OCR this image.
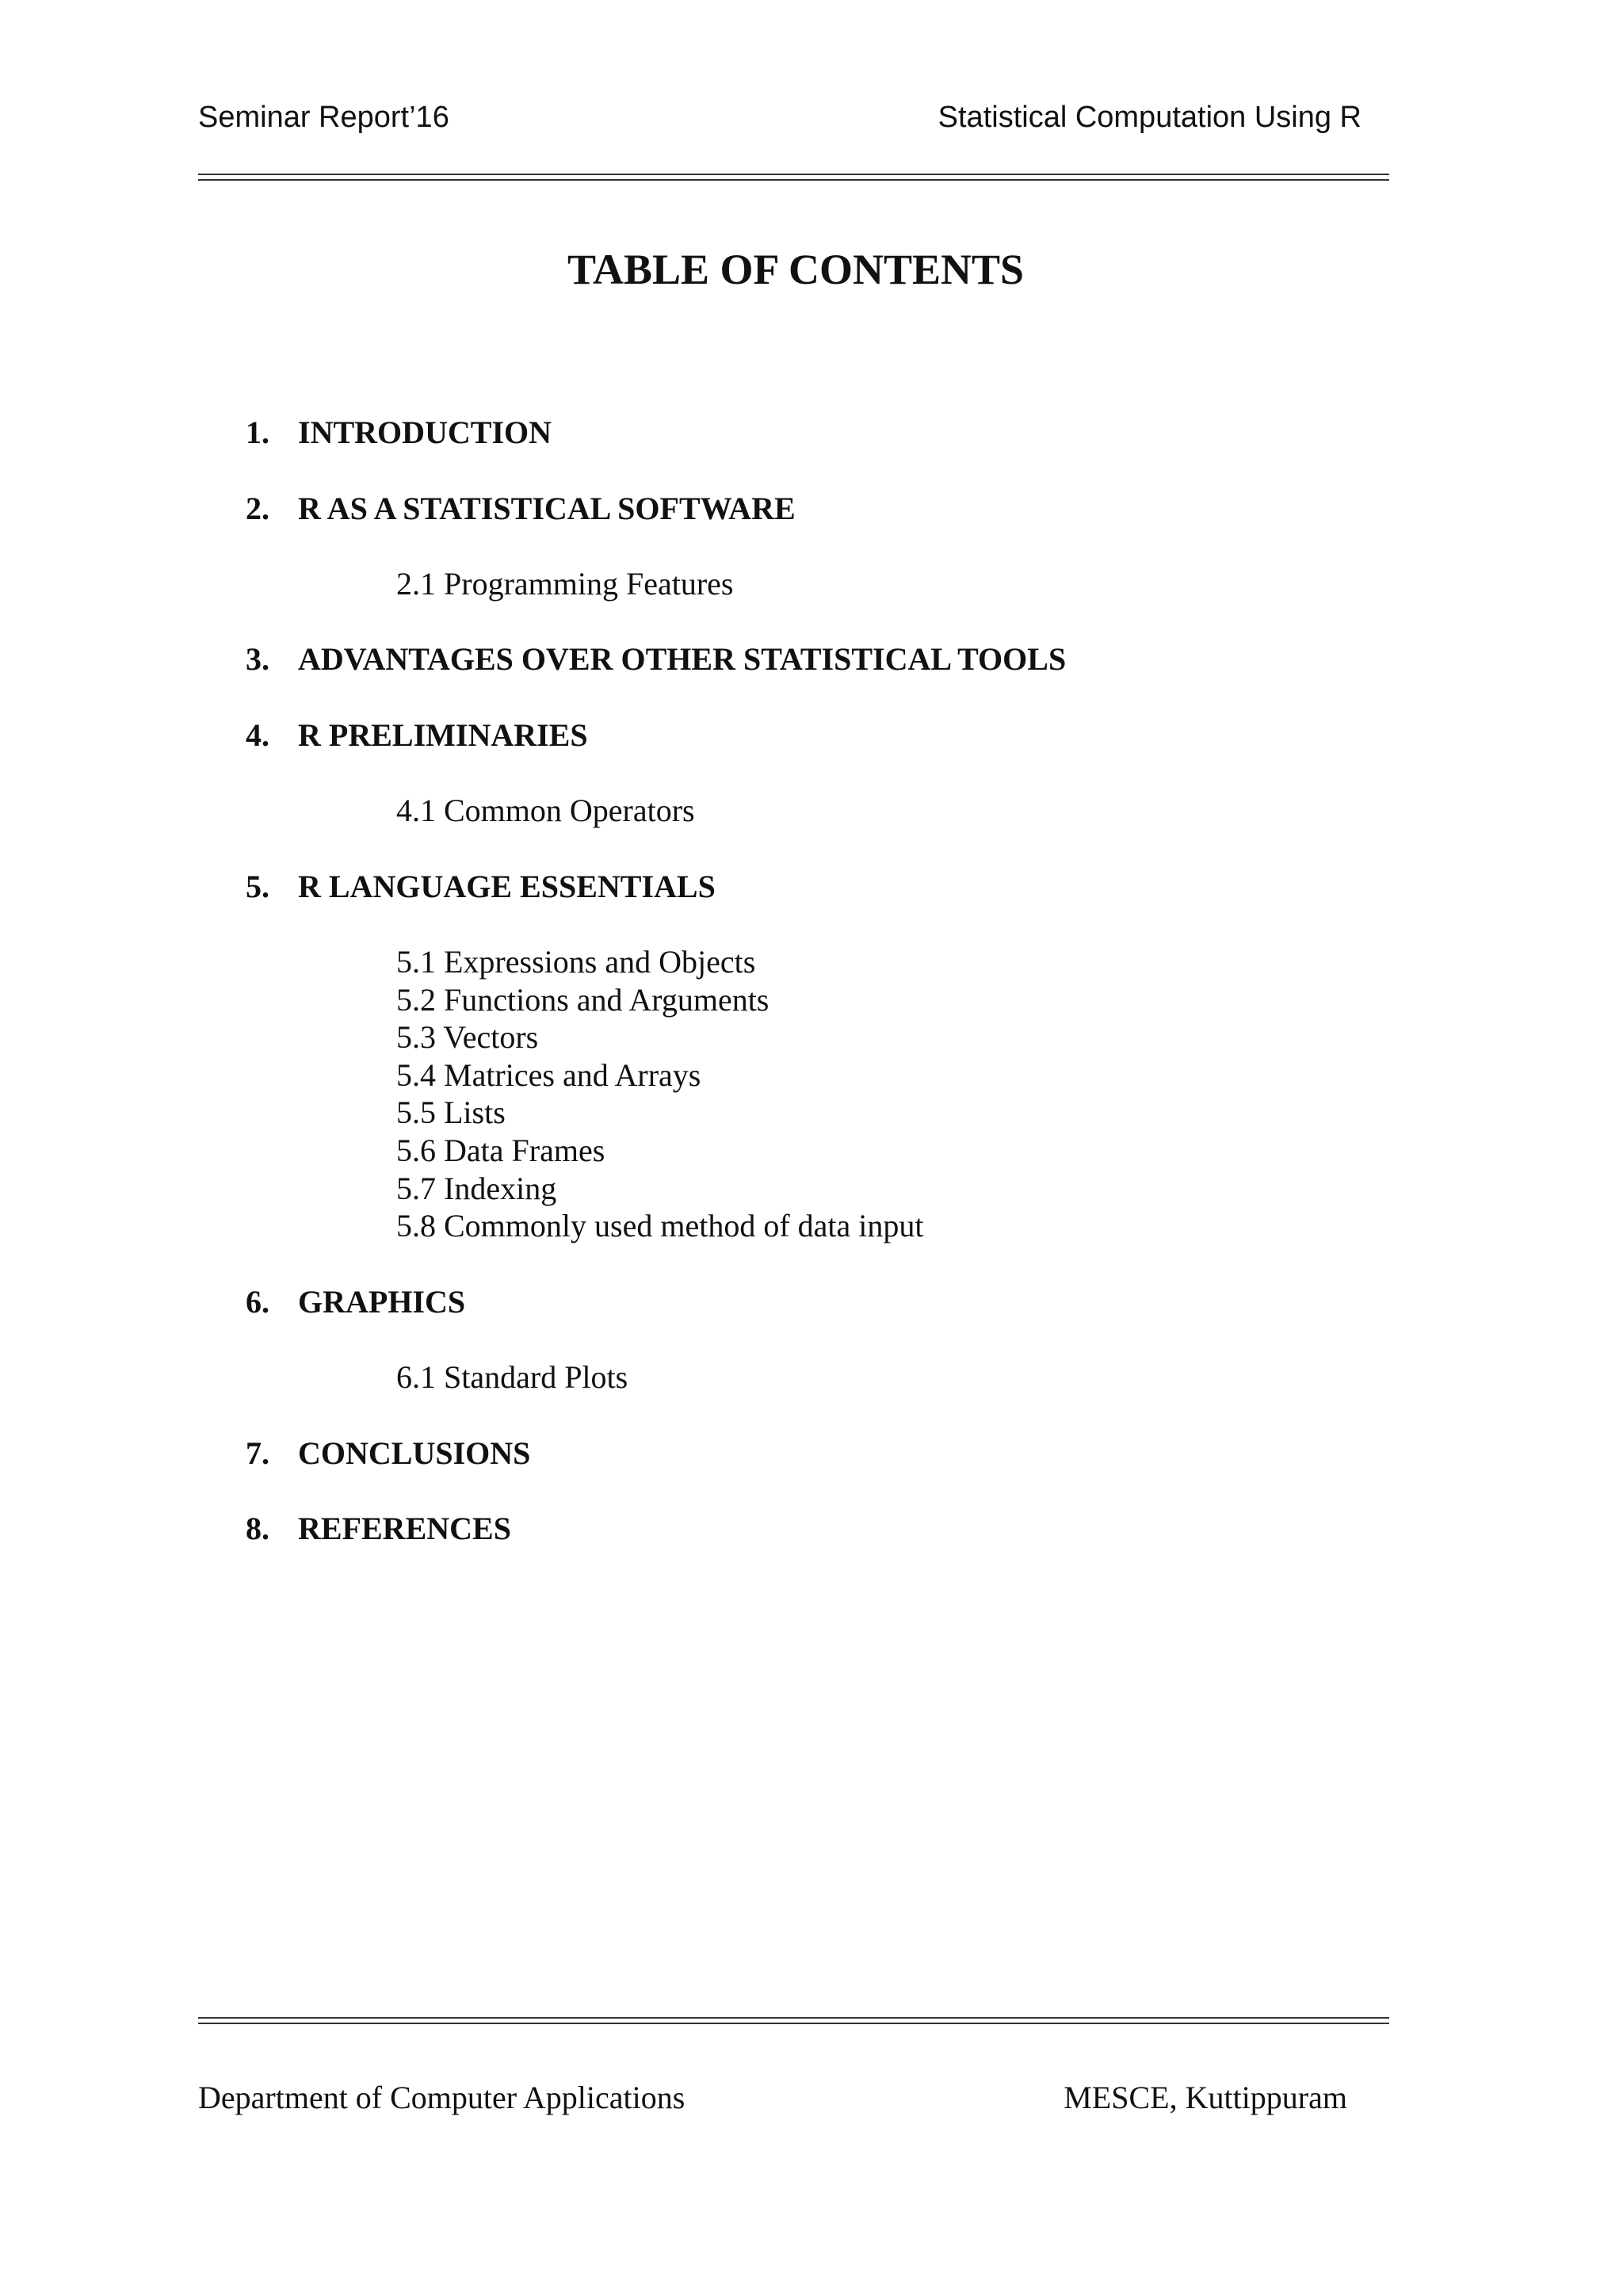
Seminar Report’16	Statistical Computation Using R
TABLE OF CONTENTS
1. INTRODUCTION
2. R AS A STATISTICAL SOFTWARE
2.1 Programming Features
3. ADVANTAGES OVER OTHER STATISTICAL TOOLS
4. R PRELIMINARIES
4.1 Common Operators
5. R LANGUAGE ESSENTIALS
5.1 Expressions and Objects
5.2 Functions and Arguments
5.3 Vectors
5.4 Matrices and Arrays
5.5 Lists
5.6 Data Frames
5.7 Indexing
5.8 Commonly used method of data input
6. GRAPHICS
6.1 Standard Plots
7. CONCLUSIONS
8. REFERENCES
Department of Computer Applications	MESCE, Kuttippuram
